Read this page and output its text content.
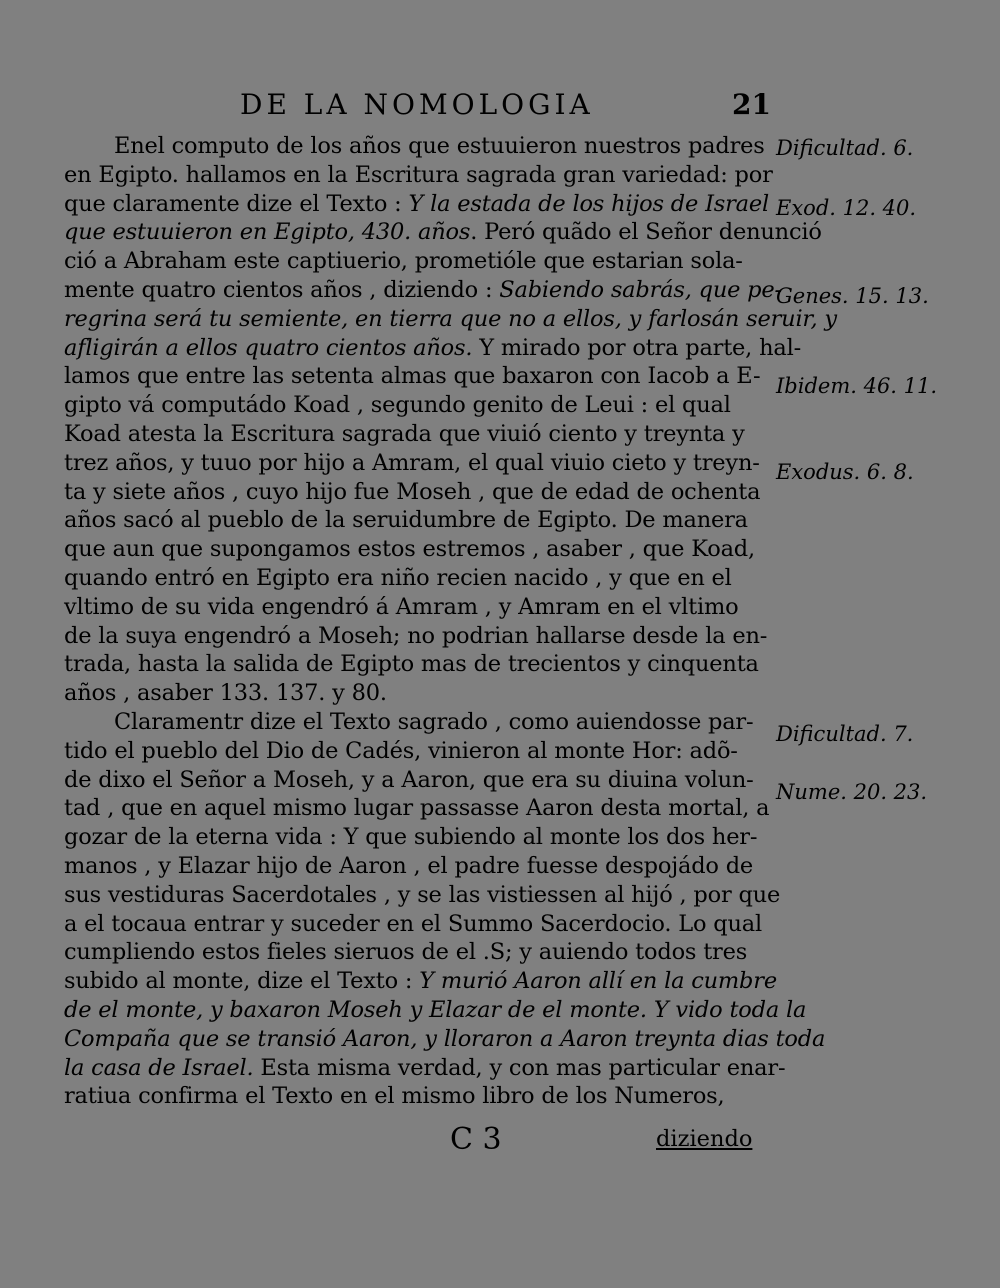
DE LA NOMOLOGIA	21
Enel computo de los años que estuuieron nuestros padres
en Egipto. hallamos en la Escritura sagrada gran variedad: por
que claramente dize el Texto : Y la estada de los hijos de Israel
que estuuieron en Egipto, 430. años. Peró quãdo el Señor denunció
ció a Abraham este captiuerio, prometióle que estarian sola-
mente quatro cientos años , diziendo : Sabiendo sabrás, que pe-
regrina será tu semiente, en tierra que no a ellos, y farlosán seruir, y
afligirán a ellos quatro cientos años. Y mirado por otra parte, hal-
lamos que entre las setenta almas que baxaron con Iacob a E-
gipto vá computádo Koad , segundo genito de Leui : el qual
Koad atesta la Escritura sagrada que viuió ciento y treynta y
trez años, y tuuo por hijo a Amram, el qual viuio cieto y treyn-
ta y siete años , cuyo hijo fue Moseh , que de edad de ochenta
años sacó al pueblo de la seruidumbre de Egipto. De manera
que aun que supongamos estos estremos , asaber , que Koad,
quando entró en Egipto era niño recien nacido , y que en el
vltimo de su vida engendró á Amram , y Amram en el vltimo
de la suya engendró a Moseh; no podrian hallarse desde la en-
trada, hasta la salida de Egipto mas de trecientos y cinquenta
años , asaber 133. 137. y 80.
Claramentr dize el Texto sagrado , como auiendosse par-
tido el pueblo del Dio de Cadés, vinieron al monte Hor: adõ-
de dixo el Señor a Moseh, y a Aaron, que era su diuina volun-
tad , que en aquel mismo lugar passasse Aaron desta mortal, a
gozar de la eterna vida : Y que subiendo al monte los dos her-
manos , y Elazar hijo de Aaron , el padre fuesse despojádo de
sus vestiduras Sacerdotales , y se las vistiessen al hijó , por que
a el tocaua entrar y suceder en el Summo Sacerdocio. Lo qual
cumpliendo estos fieles sieruos de el .S; y auiendo todos tres
subido al monte, dize el Texto : Y murió Aaron allí en la cumbre
de el monte, y baxaron Moseh y Elazar de el monte. Y vido toda la
Compaña que se transió Aaron, y lloraron a Aaron treynta dias toda
la casa de Israel. Esta misma verdad, y con mas particular enar-
ratiua confirma el Texto en el mismo libro de los Numeros,
Dificultad. 6.
Exod. 12. 40.
Genes. 15. 13.
Ibidem. 46. 11.
Exodus. 6. 8.
Dificultad. 7.
Nume. 20. 23.
C 3	diziendo
